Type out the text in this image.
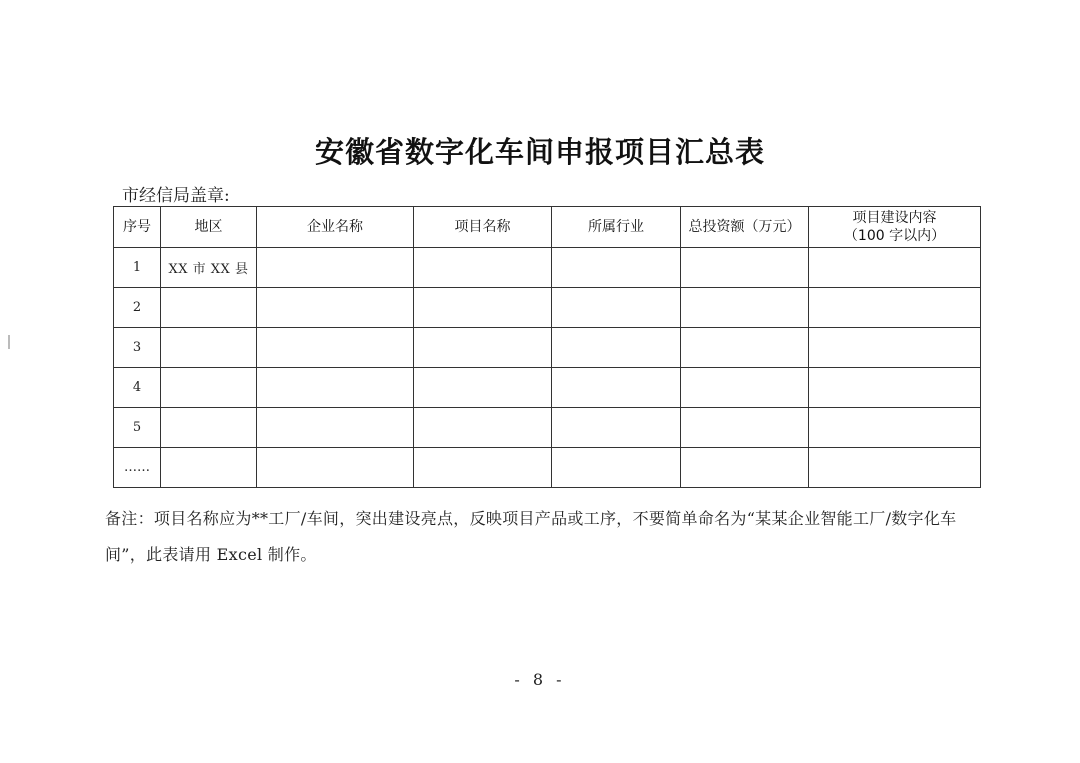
安徽省数字化车间申报项目汇总表
市经信局盖章:
序号	地区	企业名称	项目名称	所属行业	总投资额（万元）	项目建设内容
（100 字以内）
1	XX 市 XX 县					
2						
3						
4						
5						
……						
备注：项目名称应为**工厂/车间，突出建设亮点，反映项目产品或工序，不要简单命名为“某某企业智能工厂/数字化车间”，此表请用 Excel 制作。
- 8 -
